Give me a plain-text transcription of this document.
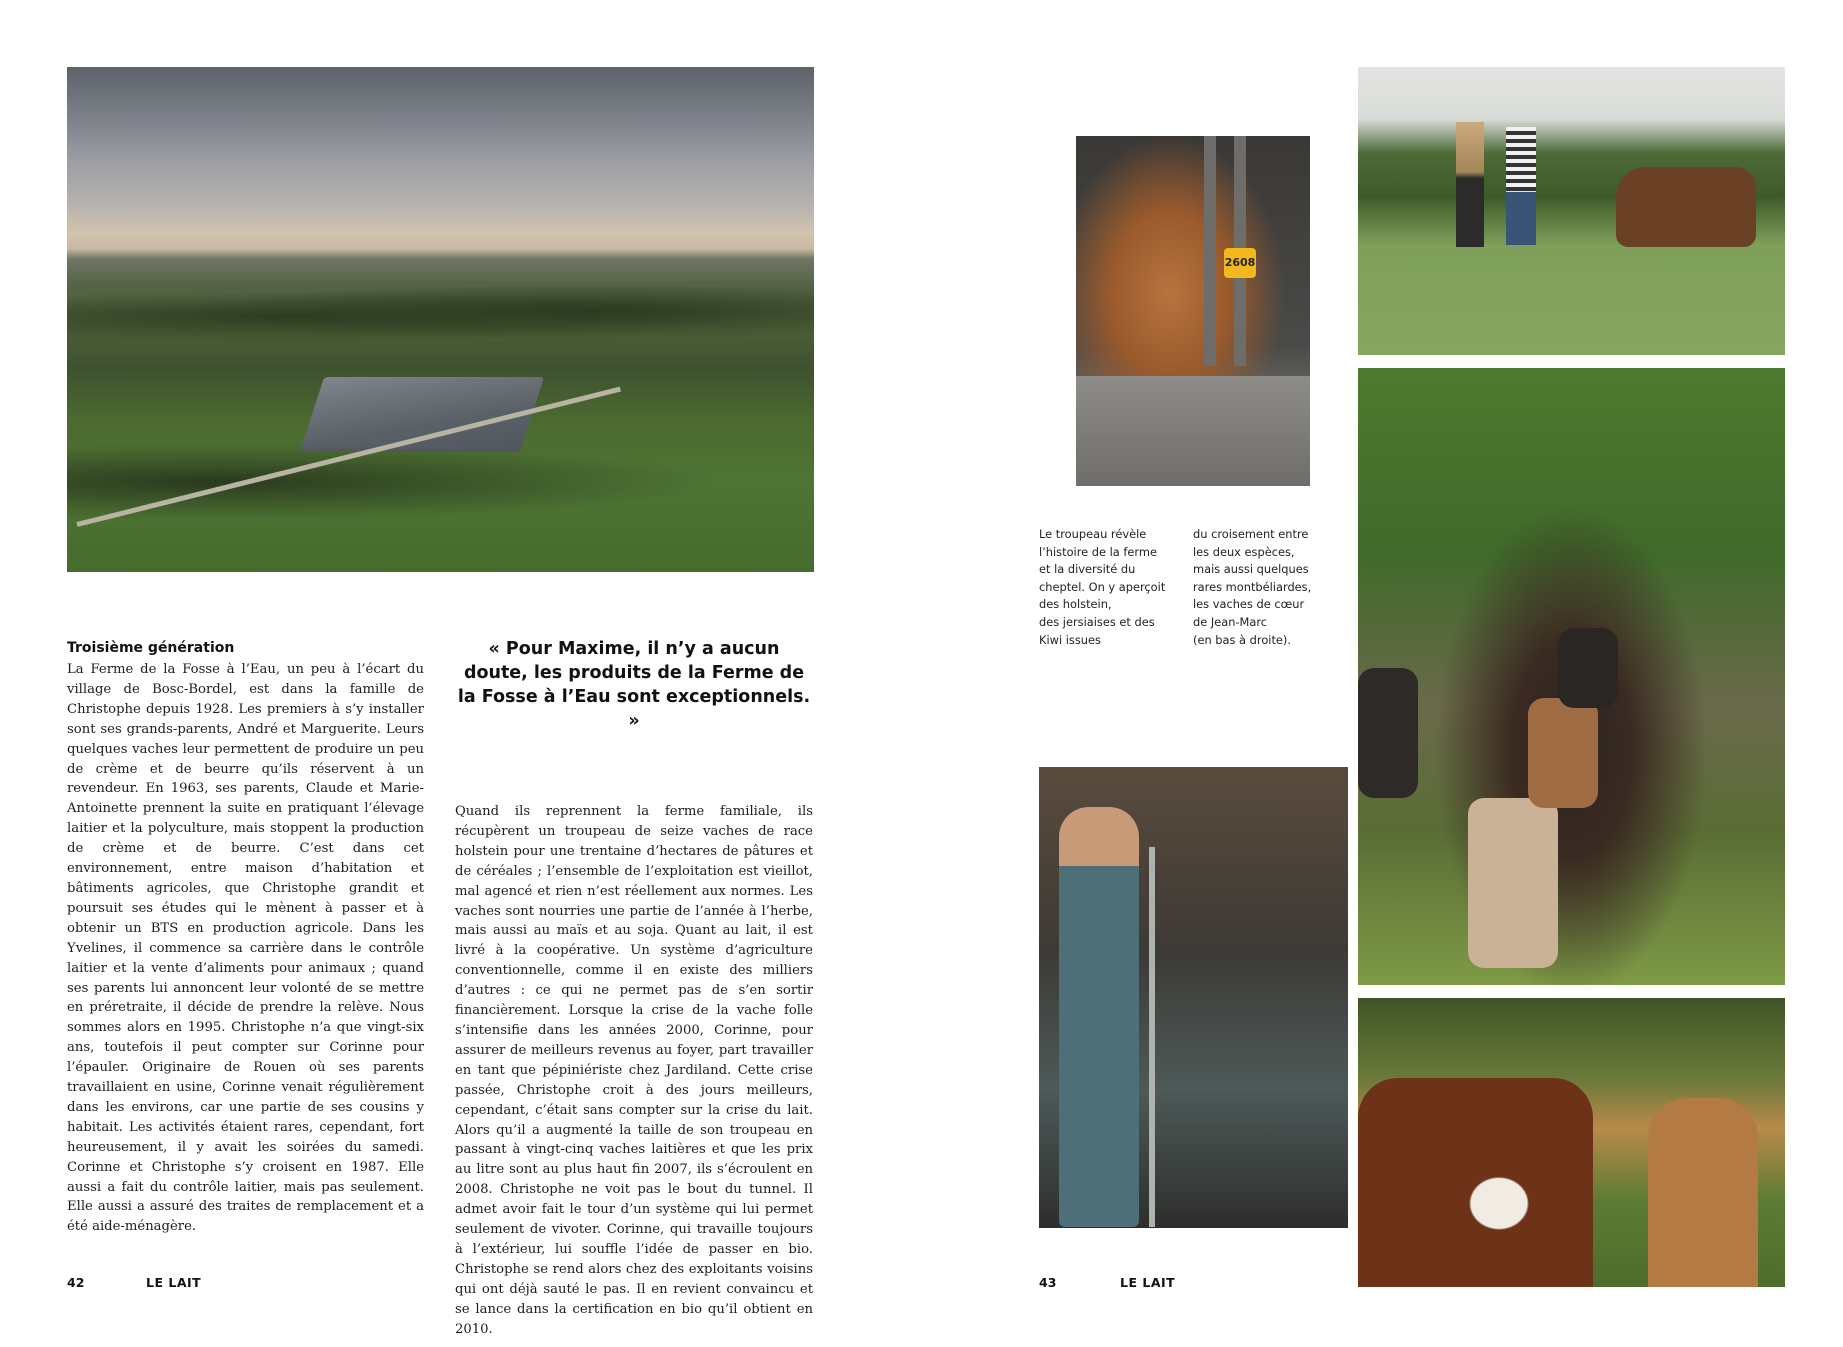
Troisième génération
La Ferme de la Fosse à l’Eau, un peu à l’écart du village de Bosc-Bordel, est dans la famille de Christophe depuis 1928. Les premiers à s’y installer sont ses grands-parents, André et Marguerite. Leurs quelques vaches leur permettent de produire un peu de crème et de beurre qu’ils réservent à un revendeur. En 1963, ses parents, Claude et Marie-Antoinette prennent la suite en pratiquant l’élevage laitier et la polyculture, mais stoppent la production de crème et de beurre. C’est dans cet environnement, entre maison d’habitation et bâtiments agricoles, que Christophe grandit et poursuit ses études qui le mènent à passer et à obtenir un BTS en production agricole. Dans les Yvelines, il commence sa carrière dans le contrôle laitier et la vente d’aliments pour animaux ; quand ses parents lui annoncent leur volonté de se mettre en préretraite, il décide de prendre la relève. Nous sommes alors en 1995. Christophe n’a que vingt-six ans, toutefois il peut compter sur Corinne pour l’épauler. Originaire de Rouen où ses parents travaillaient en usine, Corinne venait régulièrement dans les environs, car une partie de ses cousins y habitait. Les activités étaient rares, cependant, fort heureusement, il y avait les soirées du samedi. Corinne et Christophe s’y croisent en 1987. Elle aussi a fait du contrôle laitier, mais pas seulement. Elle aussi a assuré des traites de remplacement et a été aide-ménagère.
« Pour Maxime, il n’y a aucun doute, les produits de la Ferme de la Fosse à l’Eau sont exceptionnels. »
Quand ils reprennent la ferme familiale, ils récupèrent un troupeau de seize vaches de race holstein pour une trentaine d’hectares de pâtures et de céréales ; l’ensemble de l’exploitation est vieillot, mal agencé et rien n’est réellement aux normes. Les vaches sont nourries une partie de l’année à l’herbe, mais aussi au maïs et au soja. Quant au lait, il est livré à la coopérative. Un système d’agriculture conventionnelle, comme il en existe des milliers d’autres : ce qui ne permet pas de s’en sortir financièrement. Lorsque la crise de la vache folle s’intensifie dans les années 2000, Corinne, pour assurer de meilleurs revenus au foyer, part travailler en tant que pépiniériste chez Jardiland. Cette crise passée, Christophe croit à des jours meilleurs, cependant, c’était sans compter sur la crise du lait. Alors qu’il a augmenté la taille de son troupeau en passant à vingt-cinq vaches laitières et que les prix au litre sont au plus haut fin 2007, ils s’écroulent en 2008. Christophe ne voit pas le bout du tunnel. Il admet avoir fait le tour d’un système qui lui permet seulement de vivoter. Corinne, qui travaille toujours à l’extérieur, lui souffle l’idée de passer en bio. Christophe se rend alors chez des exploitants voisins qui ont déjà sauté le pas. Il en revient convaincu et se lance dans la certification en bio qu’il obtient en 2010.
42	LE LAIT
2608
Le troupeau révèle
l’histoire de la ferme
et la diversité du
cheptel. On y aperçoit
des holstein,
des jersiaises et des
Kiwi issues
du croisement entre
les deux espèces,
mais aussi quelques
rares montbéliardes,
les vaches de cœur
de Jean-Marc
(en bas à droite).
43	LE LAIT
